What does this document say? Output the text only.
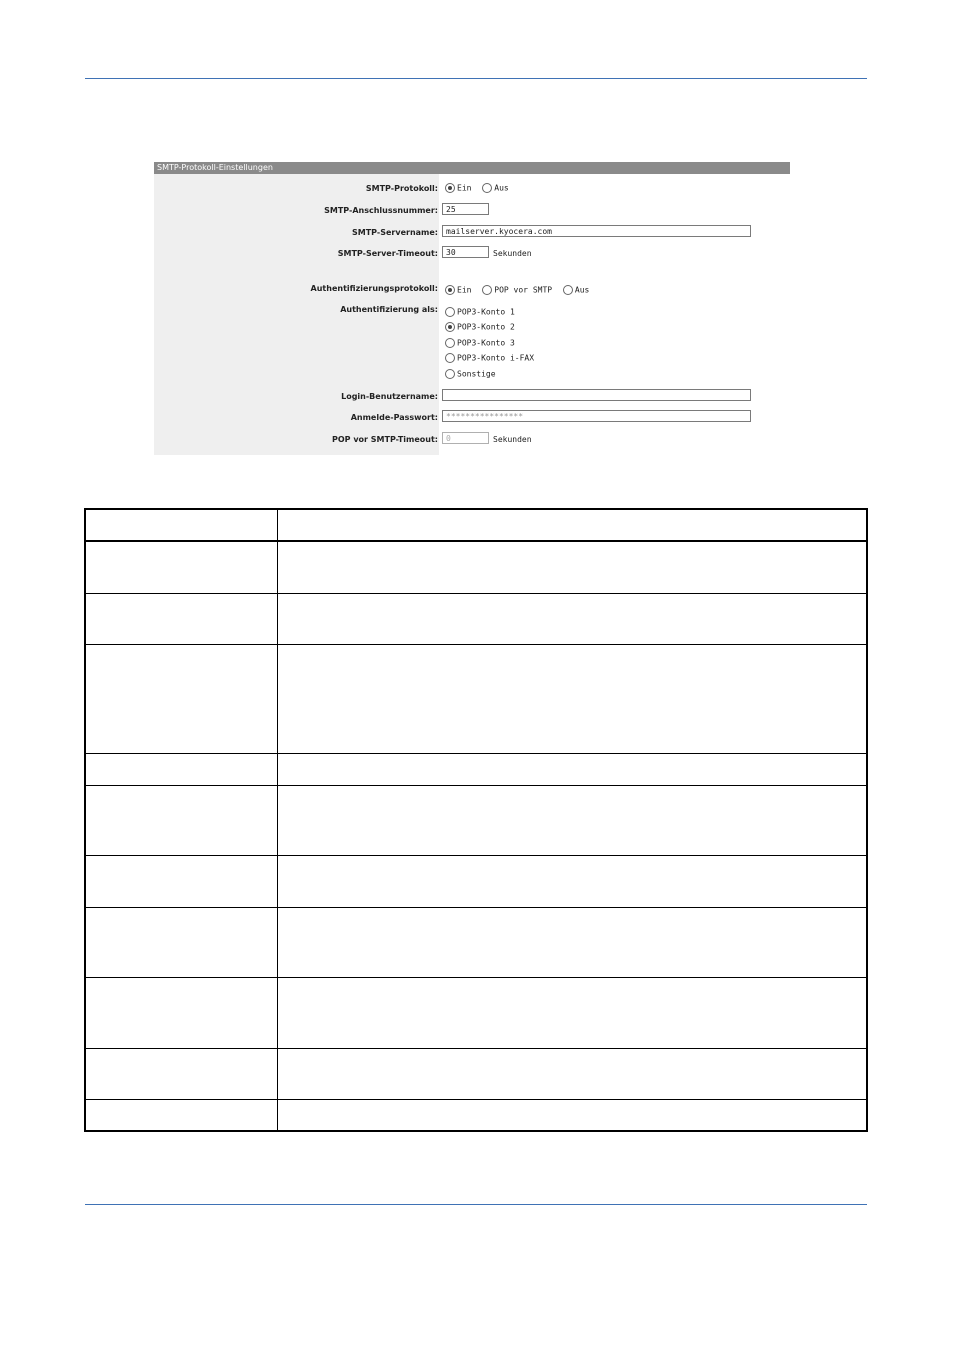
SMTP-Protokoll-Einstellungen
SMTP-Protokoll:	Ein	Aus
SMTP-Anschlussnummer:	25
SMTP-Servername:	mailserver.kyocera.com
SMTP-Server-Timeout:	30	Sekunden
Authentifizierungsprotokoll:	Ein	POP vor SMTP	Aus
Authentifizierung als:	POP3-Konto 1
POP3-Konto 2
POP3-Konto 3
POP3-Konto i-FAX
Sonstige
Login-Benutzername:
Anmelde-Passwort:	****************
POP vor SMTP-Timeout:	0	Sekunden
